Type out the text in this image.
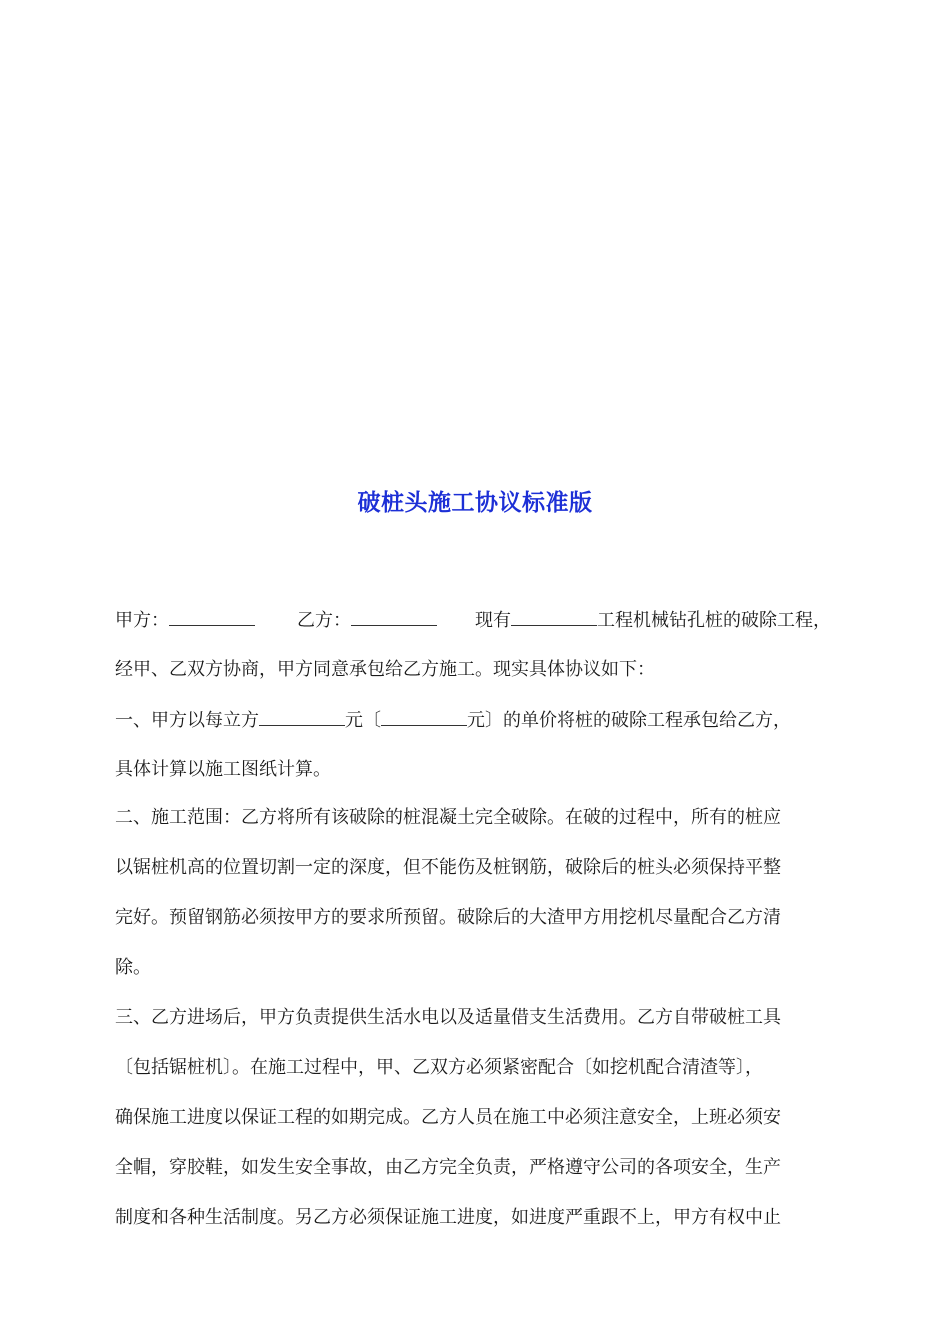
破桩头施工协议标准版
甲方：	乙方：	现有	工程机械钻孔桩的破除工程，
经甲、乙双方协商，甲方同意承包给乙方施工。现实具体协议如下：
一、甲方以每立方	元〔	元〕的单价将桩的破除工程承包给乙方，
具体计算以施工图纸计算。
二、施工范围：乙方将所有该破除的桩混凝土完全破除。在破的过程中，所有的桩应
以锯桩机高的位置切割一定的深度，但不能伤及桩钢筋，破除后的桩头必须保持平整
完好。预留钢筋必须按甲方的要求所预留。破除后的大渣甲方用挖机尽量配合乙方清
除。
三、乙方进场后，甲方负责提供生活水电以及适量借支生活费用。乙方自带破桩工具
〔包括锯桩机〕。在施工过程中，甲、乙双方必须紧密配合〔如挖机配合清渣等〕，
确保施工进度以保证工程的如期完成。乙方人员在施工中必须注意安全，上班必须安
全帽，穿胶鞋，如发生安全事故，由乙方完全负责，严格遵守公司的各项安全，生产
制度和各种生活制度。另乙方必须保证施工进度，如进度严重跟不上，甲方有权中止
